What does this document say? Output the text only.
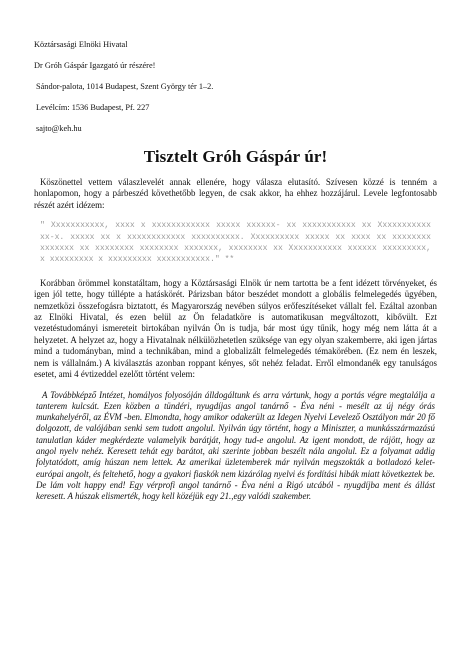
Köztársasági Elnöki Hivatal

Dr Gróh Gáspár Igazgató úr részére!

Sándor-palota, 1014 Budapest, Szent György tér 1–2.

Levélcím: 1536 Budapest, Pf. 227

sajto@keh.hu

Tisztelt Gróh Gáspár úr!

Köszönettel vettem válaszlevelét annak ellenére, hogy válasza elutasító. Szívesen közzé is tenném a honlapomon, hogy a párbeszéd követhetőbb legyen, de csak akkor, ha ehhez hozzájárul. Levele legfontosabb részét azért idézem:

" Xxxxxxxxxxx, xxxx x xxxxxxxxxxxx xxxxx xxxxxx- xx xxxxxxxxxxx xx Xxxxxxxxxxx xx-x. xxxxx xx x xxxxxxxxxxxx xxxxxxxxxx. Xxxxxxxxxx xxxxx xx xxxx xx xxxxxxxx xxxxxxx xx xxxxxxxx xxxxxxxx xxxxxxx, xxxxxxxx xx Xxxxxxxxxxx xxxxxx xxxxxxxxx, x xxxxxxxxx x xxxxxxxxx xxxxxxxxxxx." **

Korábban örömmel konstatáltam, hogy a Köztársasági Elnök úr nem tartotta be a fent idézett törvényeket, és igen jól tette, hogy túllépte a hatáskörét. Párizsban bátor beszédet mondott a globális felmelegedés ügyében, nemzetközi összefogásra biztatott, és Magyarország nevében súlyos erőfeszítéseket vállalt fel. Ezáltal azonban az Elnöki Hivatal, és ezen belül az Ön feladatköre is automatikusan megváltozott, kibővült. Ezt vezetéstudományi ismereteit birtokában nyilván Ön is tudja, bár most úgy tűnik, hogy még nem látta át a helyzetet. A helyzet az, hogy a Hivatalnak nélkülözhetetlen szüksége van egy olyan szakemberre, aki igen jártas mind a tudományban, mind a technikában, mind a globalizált felmelegedés témakörében. (Ez nem én leszek, nem is vállalnám.) A kiválasztás azonban roppant kényes, sőt nehéz feladat. Erről elmondanék egy tanulságos esetet, ami 4 évtizeddel ezelőtt történt velem:

A Továbbképző Intézet, homályos folyosóján álldogáltunk és arra vártunk, hogy a portás végre megtalálja a tanterem kulcsát. Ezen közben a tündéri, nyugdíjas angol tanárnő - Éva néni - mesélt az új négy órás munkahelyéről, az ÉVM -ben. Elmondta, hogy amikor odakerült az Idegen Nyelvi Levelező Osztályon már 20 fő dolgozott, de valójában senki sem tudott angolul. Nyilván úgy történt, hogy a Miniszter, a munkásszármazású tanulatlan káder megkérdezte valamelyik barátját, hogy tud-e angolul. Az igent mondott, de rájött, hogy az angol nyelv nehéz. Keresett tehát egy barátot, aki szerinte jobban beszélt nála angolul. Ez a folyamat addig folytatódott, amíg húszan nem lettek. Az amerikai üzletemberek már nyilván megszokták a botladozó kelet-európai angolt, és feltehető, hogy a gyakori fiaskók nem kizárólag nyelvi és fordítási hibák miatt következtek be. De lám volt happy end! Egy vérprofi angol tanárnő - Éva néni a Rigó utcából - nyugdíjba ment és állást keresett. A húszak elismerték, hogy kell közéjük egy 21.,egy valódi szakember.
